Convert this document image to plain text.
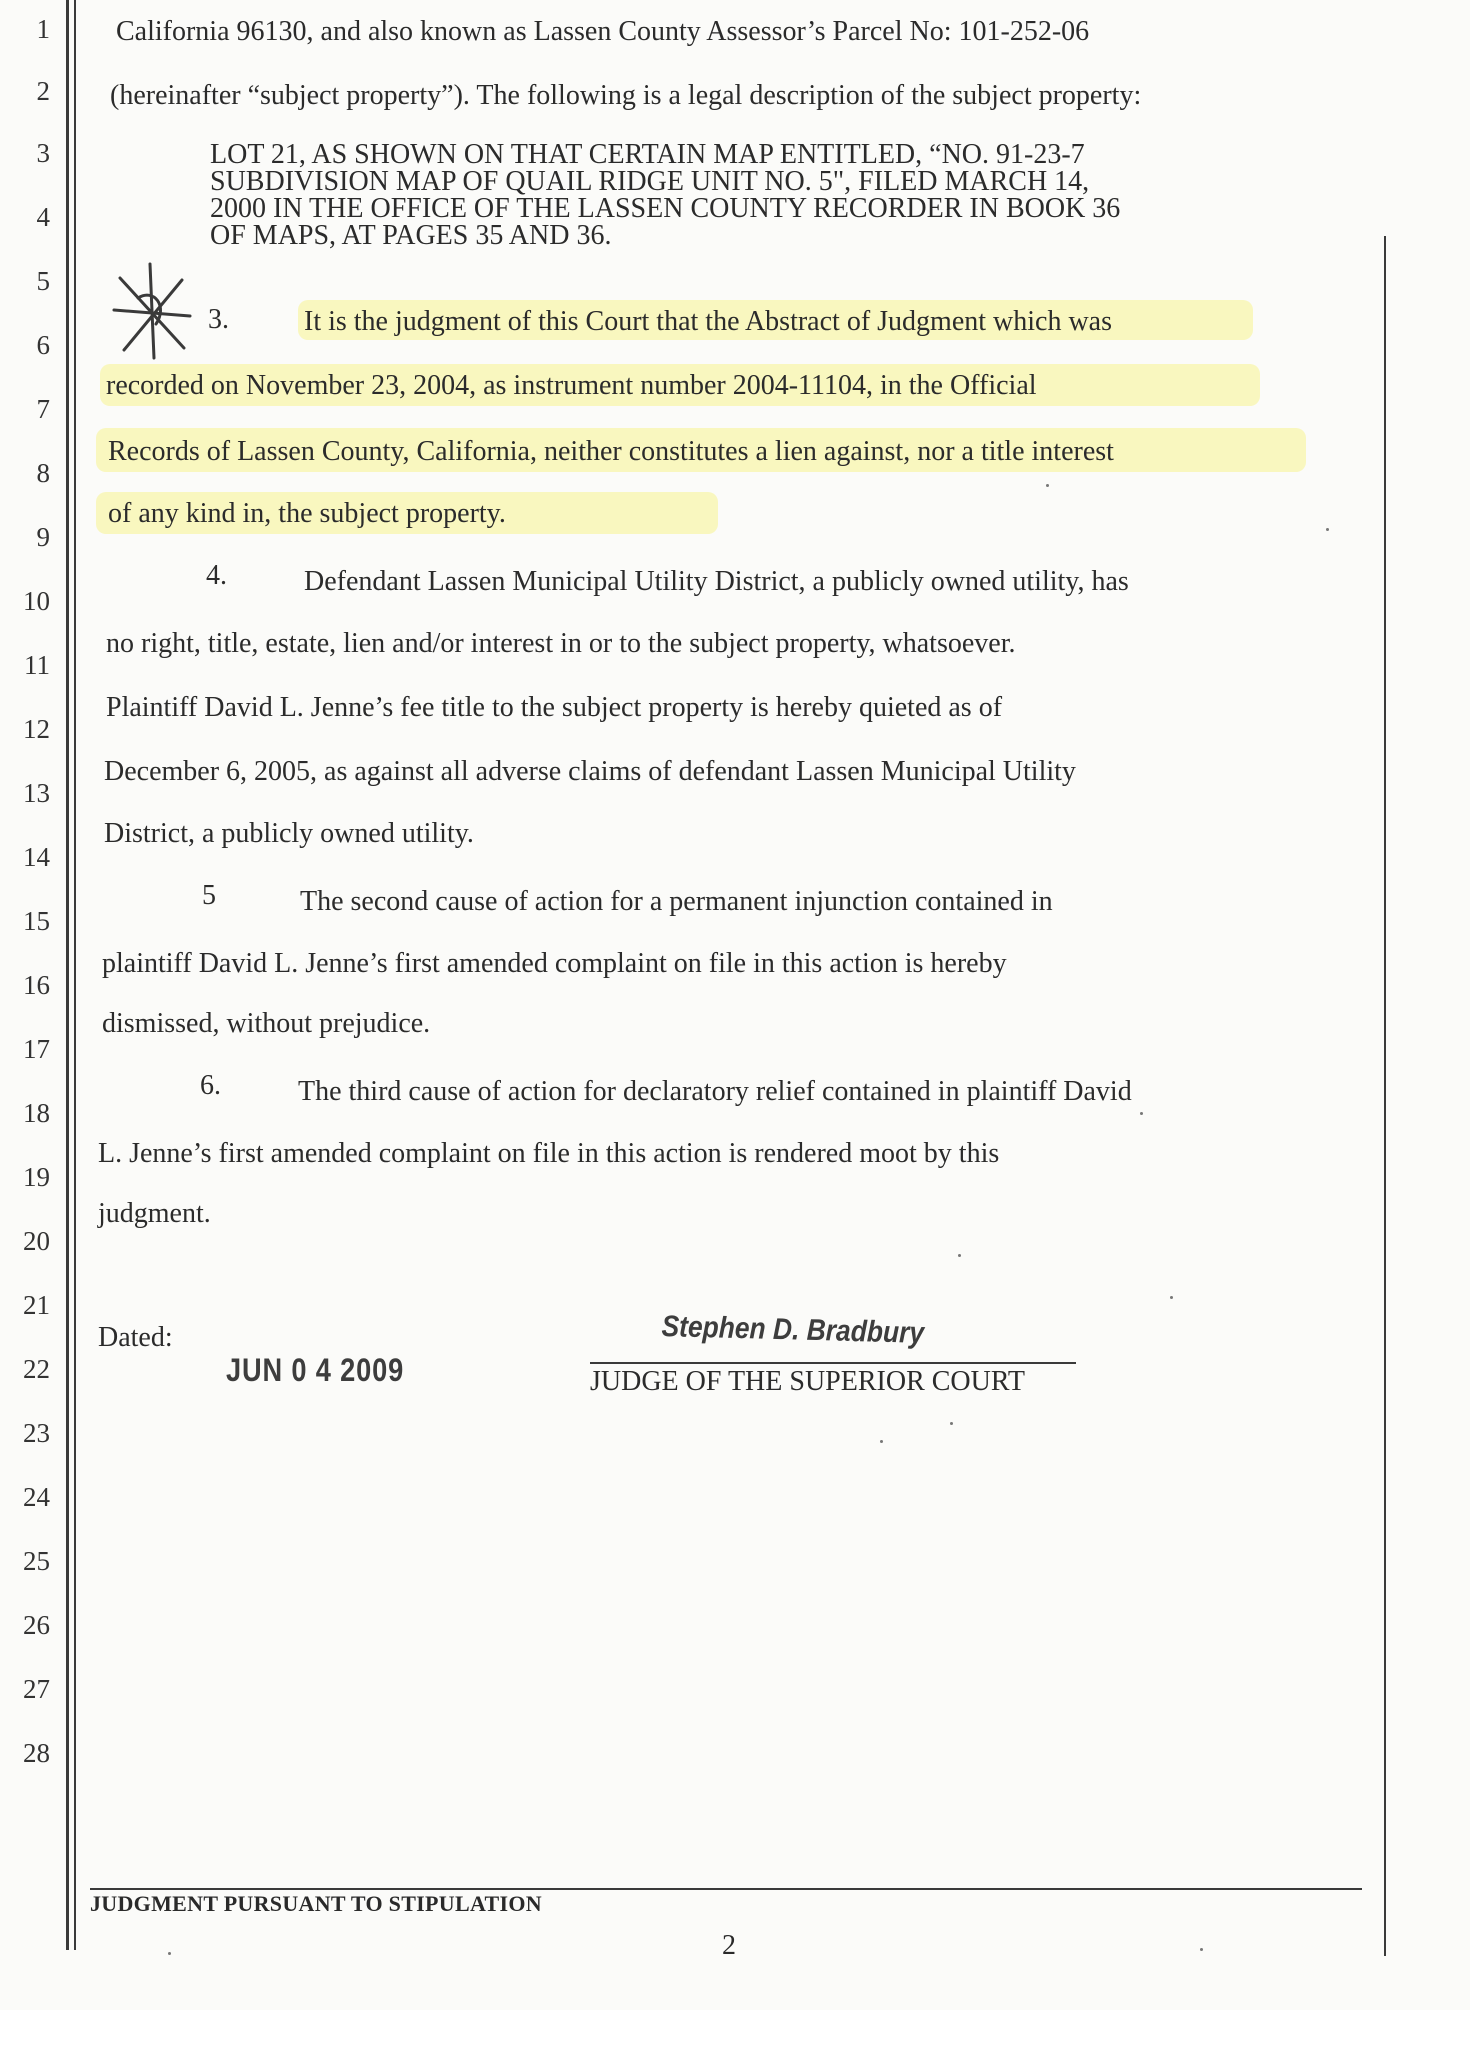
1
2
3
4
5
6
7
8
9
10
11
12
13
14
15
16
17
18
19
20
21
22
23
24
25
26
27
28
California 96130, and also known as Lassen County Assessor’s Parcel No: 101-252-06
(hereinafter “subject property”). The following is a legal description of the subject property:
LOT 21, AS SHOWN ON THAT CERTAIN MAP ENTITLED, “NO. 91-23-7
SUBDIVISION MAP OF QUAIL RIDGE UNIT NO. 5", FILED MARCH 14,
2000 IN THE OFFICE OF THE LASSEN COUNTY RECORDER IN BOOK 36
OF MAPS, AT PAGES 35 AND 36.
3.	It is the judgment of this Court that the Abstract of Judgment which was
recorded on November 23, 2004, as instrument number 2004-11104, in the Official
Records of Lassen County, California, neither constitutes a lien against, nor a title interest
of any kind in, the subject property.
4.	Defendant Lassen Municipal Utility District, a publicly owned utility, has
no right, title, estate, lien and/or interest in or to the subject property, whatsoever.
Plaintiff David L. Jenne’s fee title to the subject property is hereby quieted as of
December 6, 2005, as against all adverse claims of defendant Lassen Municipal Utility
District, a publicly owned utility.
5	The second cause of action for a permanent injunction contained in
plaintiff David L. Jenne’s first amended complaint on file in this action is hereby
dismissed, without prejudice.
6.	The third cause of action for declaratory relief contained in plaintiff David
L. Jenne’s first amended complaint on file in this action is rendered moot by this
judgment.
Dated:
JUN 0 4 2009
Stephen D. Bradbury
JUDGE OF THE SUPERIOR COURT
JUDGMENT PURSUANT TO STIPULATION
2
